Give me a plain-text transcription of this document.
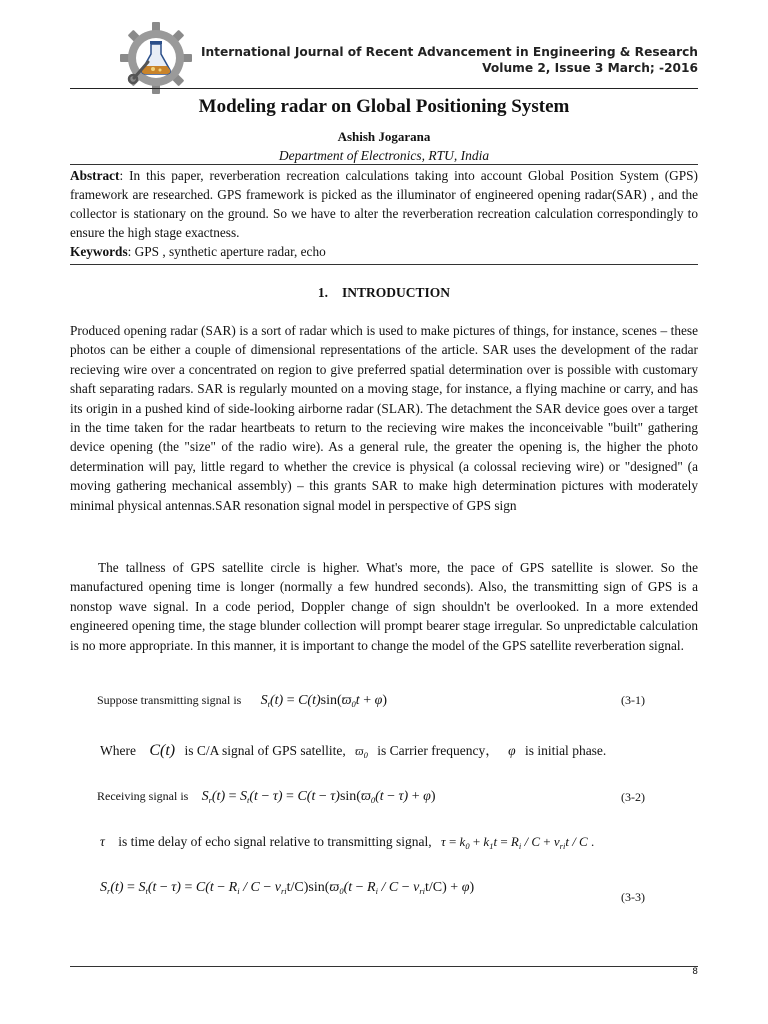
International Journal of Recent Advancement in Engineering & Research
Volume 2, Issue 3 March; -2016
Modeling radar on Global Positioning System
Ashish Jogarana
Department of Electronics, RTU, India
Abstract: In this paper, reverberation recreation calculations taking into account Global Position System (GPS) framework are researched. GPS framework is picked as the illuminator of engineered opening radar(SAR) , and the collector is stationary on the ground. So we have to alter the reverberation recreation calculation correspondingly to ensure the high stage exactness.
Keywords: GPS , synthetic aperture radar, echo
1. INTRODUCTION

Produced opening radar (SAR) is a sort of radar which is used to make pictures of things, for instance, scenes – these photos can be either a couple of dimensional representations of the article. SAR uses the development of the radar recieving wire over a concentrated on region to give preferred spatial determination over is possible with customary shaft separating radars. SAR is regularly mounted on a moving stage, for instance, a flying machine or carry, and has its origin in a pushed kind of side-looking airborne radar (SLAR). The detachment the SAR device goes over a target in the time taken for the radar heartbeats to return to the recieving wire makes the inconceivable "built" gathering device opening (the "size" of the radio wire). As a general rule, the greater the opening is, the higher the photo determination will pay, little regard to whether the crevice is physical (a colossal recieving wire) or "designed" (a moving gathering mechanical assembly) – this grants SAR to make high determination pictures with moderately minimal physical antennas.SAR resonation signal model in perspective of GPS sign

The tallness of GPS satellite circle is higher. What's more, the pace of GPS satellite is slower. So the manufactured opening time is longer (normally a few hundred seconds). Also, the transmitting sign of GPS is a nonstop wave signal. In a code period, Doppler change of sign shouldn't be overlooked. In a more extended engineered opening time, the stage blunder collection will prompt bearer stage irregular. So unpredictable calculation is no more appropriate. In this manner, it is important to change the model of the GPS satellite reverberation signal.

Suppose transmitting signal is $S_t(t) = C(t)\sin(ϖ_0t + \varphi)$	(3-1)
Where C(t) is C/A signal of GPS satellite, $ϖ_0$ is Carrier frequency， φ is initial phase.
Receiving signal is $S_r(t) = S_t(t - \tau) = C(t - \tau)\sin(ϖ_0(t - \tau) + \varphi)$	(3-2)
τ is time delay of echo signal relative to transmitting signal, $\tau = k_0 + k_1t = R_i / C + v_{ri}t / C$ .
$S_r(t) = S_t(t - \tau) = C(t - R_i / C - v_{ri}t/C)\sin(ϖ_0(t - R_i / C - v_{ri}t/C) + \varphi)$
(3-3)
8
